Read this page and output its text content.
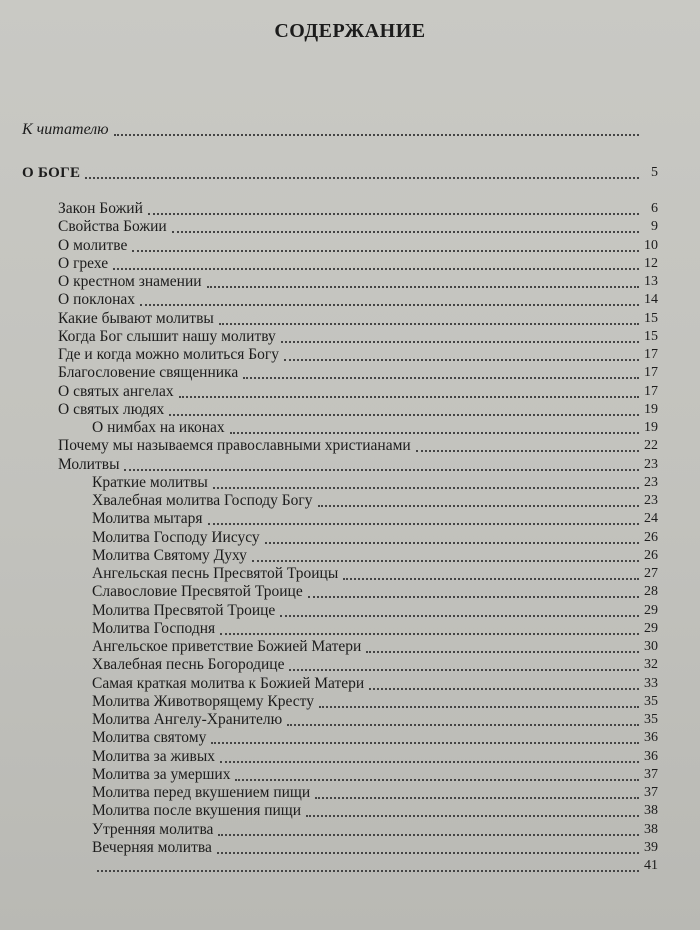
СОДЕРЖАНИЕ
К читателю
О БОГЕ	5
Закон Божий	6
Свойства Божии	9
О молитве	10
О грехе	12
О крестном знамении	13
О поклонах	14
Какие бывают молитвы	15
Когда Бог слышит нашу молитву	15
Где и когда можно молиться Богу	17
Благословение священника	17
О святых ангелах	17
О святых людях	19
О нимбах на иконах	19
Почему мы называемся православными христианами	22
Молитвы	23
Краткие молитвы	23
Хвалебная молитва Господу Богу	23
Молитва мытаря	24
Молитва Господу Иисусу	26
Молитва Святому Духу	26
Ангельская песнь Пресвятой Троицы	27
Славословие Пресвятой Троице	28
Молитва Пресвятой Троице	29
Молитва Господня	29
Ангельское приветствие Божией Матери	30
Хвалебная песнь Богородице	32
Самая краткая молитва к Божией Матери	33
Молитва Животворящему Кресту	35
Молитва Ангелу-Хранителю	35
Молитва святому	36
Молитва за живых	36
Молитва за умерших	37
Молитва перед вкушением пищи	37
Молитва после вкушения пищи	38
Утренняя молитва	38
Вечерняя молитва	39
41
